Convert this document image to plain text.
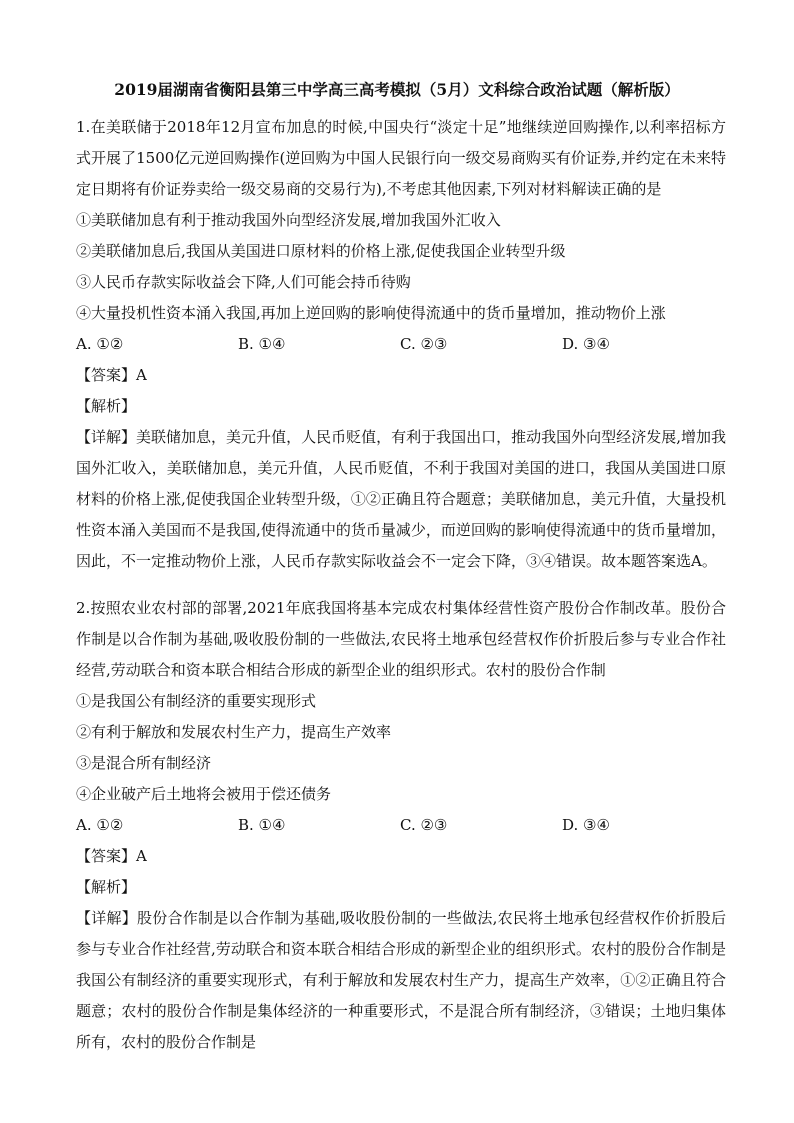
2019届湖南省衡阳县第三中学高三高考模拟（5月）文科综合政治试题（解析版）

1.在美联储于2018年12月宣布加息的时候,中国央行“淡定十足”地继续逆回购操作,以利率招标方式开展了1500亿元逆回购操作(逆回购为中国人民银行向一级交易商购买有价证券,并约定在未来特定日期将有价证券卖给一级交易商的交易行为),不考虑其他因素,下列对材料解读正确的是

①美联储加息有利于推动我国外向型经济发展,增加我国外汇收入

②美联储加息后,我国从美国进口原材料的价格上涨,促使我国企业转型升级

③人民币存款实际收益会下降,人们可能会持币待购

④大量投机性资本涌入我国,再加上逆回购的影响使得流通中的货币量增加，推动物价上涨

A. ①②	B. ①④	C. ②③	D. ③④

【答案】A

【解析】

【详解】美联储加息，美元升值，人民币贬值，有利于我国出口，推动我国外向型经济发展,增加我国外汇收入，美联储加息，美元升值，人民币贬值，不利于我国对美国的进口，我国从美国进口原材料的价格上涨,促使我国企业转型升级，①②正确且符合题意；美联储加息，美元升值，大量投机性资本涌入美国而不是我国,使得流通中的货币量减少，而逆回购的影响使得流通中的货币量增加，因此，不一定推动物价上涨，人民币存款实际收益会不一定会下降，③④错误。故本题答案选A。

2.按照农业农村部的部署,2021年底我国将基本完成农村集体经营性资产股份合作制改革。股份合作制是以合作制为基础,吸收股份制的一些做法,农民将土地承包经营权作价折股后参与专业合作社经营,劳动联合和资本联合相结合形成的新型企业的组织形式。农村的股份合作制

①是我国公有制经济的重要实现形式

②有利于解放和发展农村生产力，提高生产效率

③是混合所有制经济

④企业破产后土地将会被用于偿还债务

A. ①②	B. ①④	C. ②③	D. ③④

【答案】A

【解析】

【详解】股份合作制是以合作制为基础,吸收股份制的一些做法,农民将土地承包经营权作价折股后参与专业合作社经营,劳动联合和资本联合相结合形成的新型企业的组织形式。农村的股份合作制是我国公有制经济的重要实现形式，有利于解放和发展农村生产力，提高生产效率，①②正确且符合题意；农村的股份合作制是集体经济的一种重要形式，不是混合所有制经济，③错误；土地归集体所有，农村的股份合作制是
